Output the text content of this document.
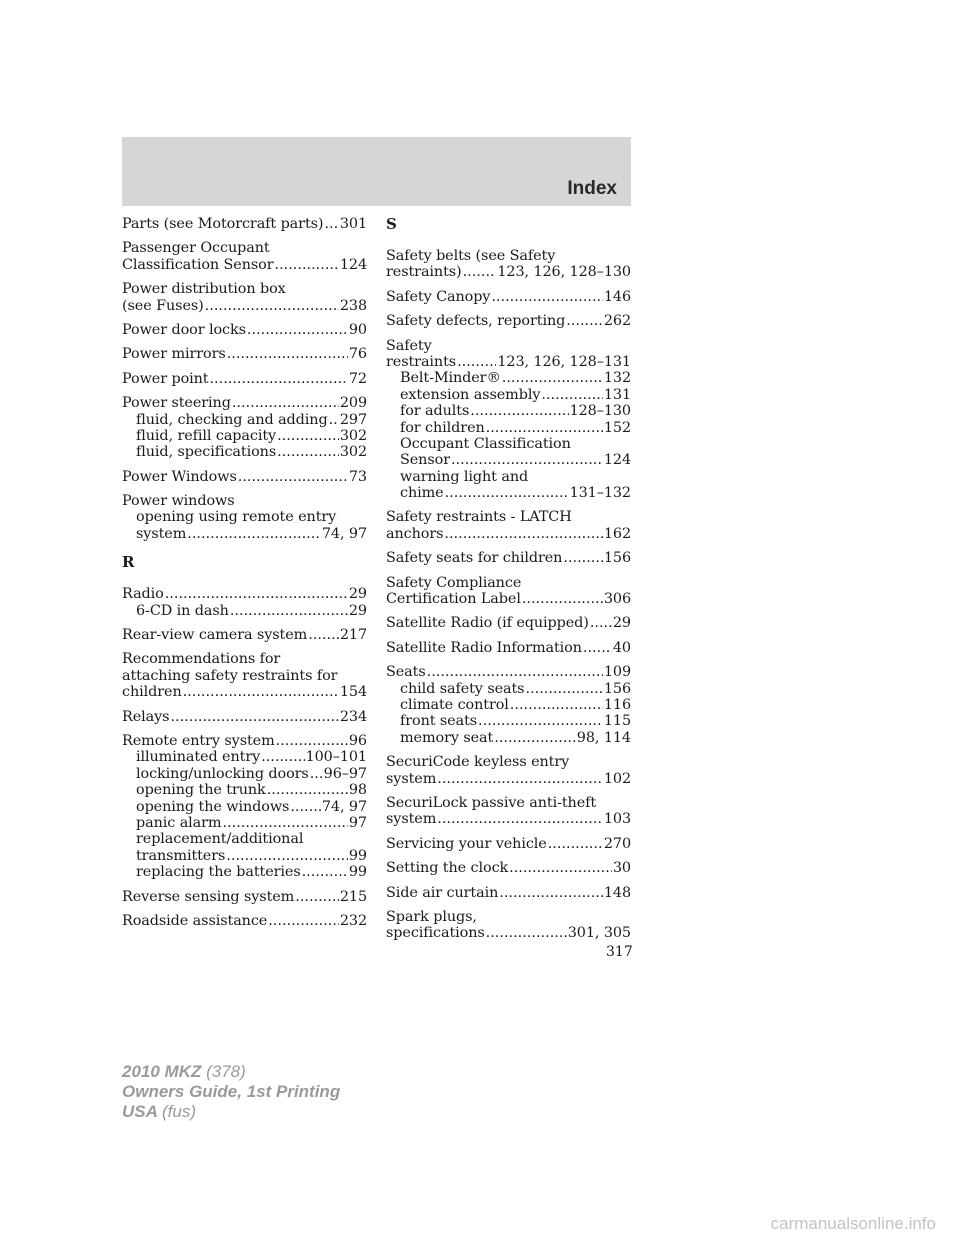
Index
Parts (see Motorcraft parts) ..... 301
Passenger Occupant
Classification Sensor .....	124
Power distribution box
(see Fuses) .....	238
Power door locks .....	90
Power mirrors .....	76
Power point .....	72
Power steering .....	209
fluid, checking and adding ..... 297
fluid, refill capacity .....	302
fluid, specifications .....	302
Power Windows .....	73
Power windows
opening using remote entry
system .....	74, 97
R
Radio .....	29
6-CD in dash .....	29
Rear-view camera system ..... 217
Recommendations for
attaching safety restraints for
children .....	154
Relays .....	234
Remote entry system .....	96
illuminated entry .....	100–101
locking/unlocking doors ..... 96–97
opening the trunk .....	98
opening the windows ..... 74, 97
panic alarm .....	97
replacement/additional
transmitters .....	99
replacing the batteries .....	99
Reverse sensing system .....	215
Roadside assistance .....	232
S
Safety belts (see Safety
restraints) ..... 123, 126, 128–130
Safety Canopy .....	146
Safety defects, reporting .....	262
Safety
restraints .....	123, 126, 128–131
Belt-Minder® .....	132
extension assembly .....	131
for adults .....	128–130
for children .....	152
Occupant Classification
Sensor .....	124
warning light and
chime .....	131–132
Safety restraints - LATCH
anchors .....	162
Safety seats for children .....	156
Safety Compliance
Certification Label .....	306
Satellite Radio (if equipped) ..... 29
Satellite Radio Information ..... 40
Seats .....	109
child safety seats .....	156
climate control .....	116
front seats .....	115
memory seat .....	98, 114
SecuriCode keyless entry
system .....	102
SecuriLock passive anti-theft
system .....	103
Servicing your vehicle .....	270
Setting the clock .....	30
Side air curtain .....	148
Spark plugs,
specifications .....	301, 305
317
2010 MKZ (378)
Owners Guide, 1st Printing
USA (fus)
carmanualsonline.info
